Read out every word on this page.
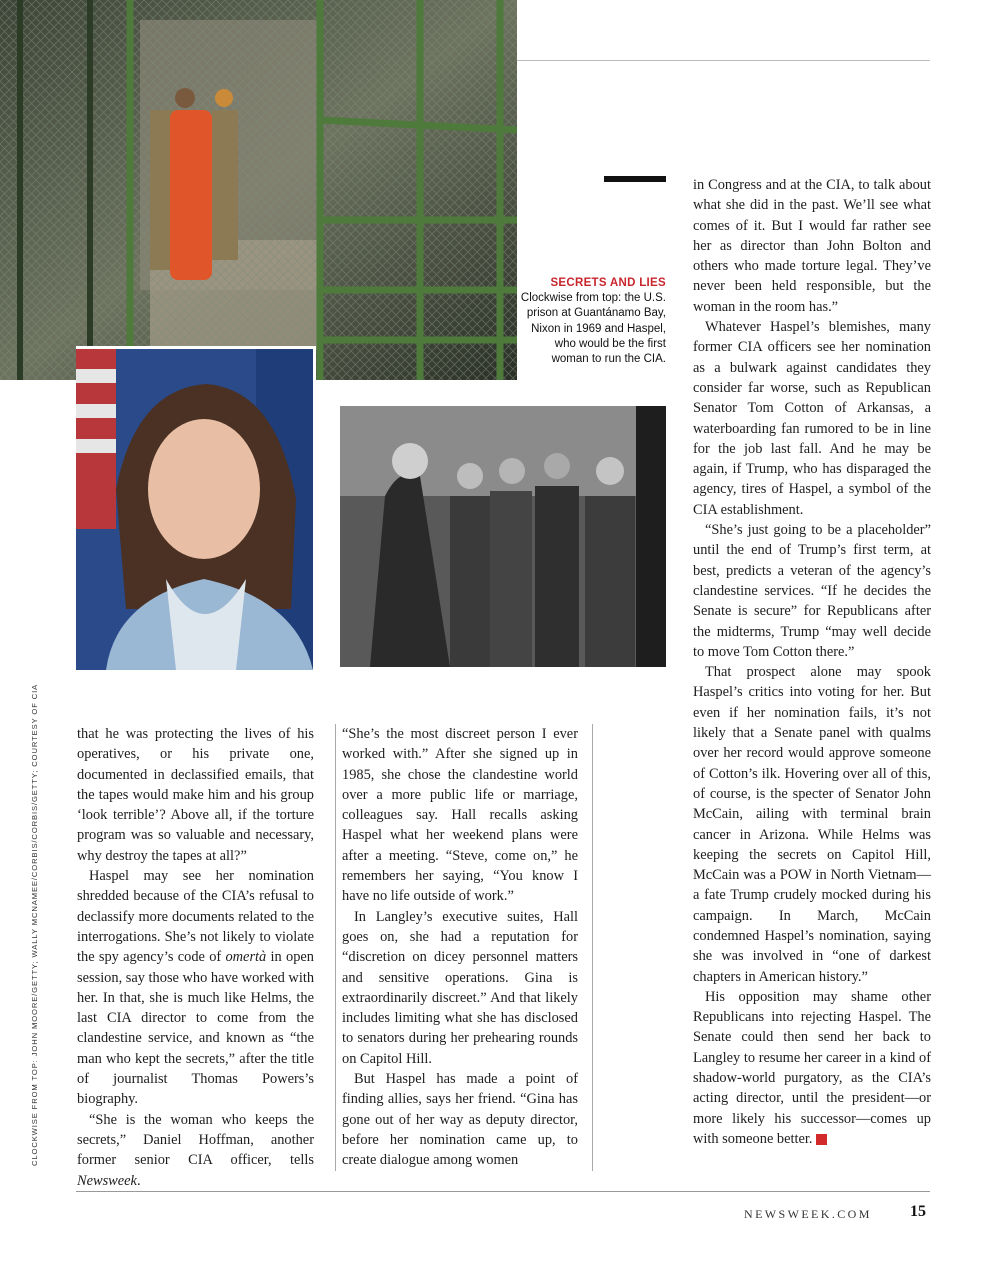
SECRETS AND LIES
Clockwise from top: the U.S. prison at Guantánamo Bay, Nixon in 1969 and Haspel, who would be the first woman to run the CIA.
CLOCKWISE FROM TOP: JOHN MOORE/GETTY; WALLY MCNAMEE/CORBIS/CORBIS/GETTY; COURTESY OF CIA	that he was protecting the lives of his operatives, or his private one, documented in declassified emails, that the tapes would make him and his group ‘look terrible’? Above all, if the torture program was so valuable and necessary, why destroy the tapes at all?”

Haspel may see her nomination shredded because of the CIA’s refusal to declassify more documents related to the interrogations. She’s not likely to violate the spy agency’s code of omertà in open session, say those who have worked with her. In that, she is much like Helms, the last CIA director to come from the clandestine service, and known as “the man who kept the secrets,” after the title of journalist Thomas Powers’s biography.

“She is the woman who keeps the secrets,” Daniel Hoffman, another former senior CIA officer, tells Newsweek.

“She’s the most discreet person I ever worked with.” After she signed up in 1985, she chose the clandestine world over a more public life or marriage, colleagues say. Hall recalls asking Haspel what her weekend plans were after a meeting. “Steve, come on,” he remembers her saying, “You know I have no life outside of work.”

In Langley’s executive suites, Hall goes on, she had a reputation for “discretion on dicey personnel matters and sensitive operations. Gina is extraordinarily discreet.” And that likely includes limiting what she has disclosed to senators during her prehearing rounds on Capitol Hill.

But Haspel has made a point of finding allies, says her friend. “Gina has gone out of her way as deputy director, before her nomination came up, to create dialogue among women

in Congress and at the CIA, to talk about what she did in the past. We’ll see what comes of it. But I would far rather see her as director than John Bolton and others who made torture legal. They’ve never been held responsible, but the woman in the room has.”

Whatever Haspel’s blemishes, many former CIA officers see her nomination as a bulwark against candidates they consider far worse, such as Republican Senator Tom Cotton of Arkansas, a waterboarding fan rumored to be in line for the job last fall. And he may be again, if Trump, who has disparaged the agency, tires of Haspel, a symbol of the CIA establishment.

“She’s just going to be a placeholder” until the end of Trump’s first term, at best, predicts a veteran of the agency’s clandestine services. “If he decides the Senate is secure” for Republicans after the midterms, Trump “may well decide to move Tom Cotton there.”

That prospect alone may spook Haspel’s critics into voting for her. But even if her nomination fails, it’s not likely that a Senate panel with qualms over her record would approve someone of Cotton’s ilk. Hovering over all of this, of course, is the specter of Senator John McCain, ailing with terminal brain cancer in Arizona. While Helms was keeping the secrets on Capitol Hill, McCain was a POW in North Vietnam—a fate Trump crudely mocked during his campaign. In March, McCain condemned Haspel’s nomination, saying she was involved in “one of darkest chapters in American history.”

His opposition may shame other Republicans into rejecting Haspel. The Senate could then send her back to Langley to resume her career in a kind of shadow-world purgatory, as the CIA’s acting director, until the president—or more likely his successor—comes up with someone better. N

NEWSWEEK.COM 15
